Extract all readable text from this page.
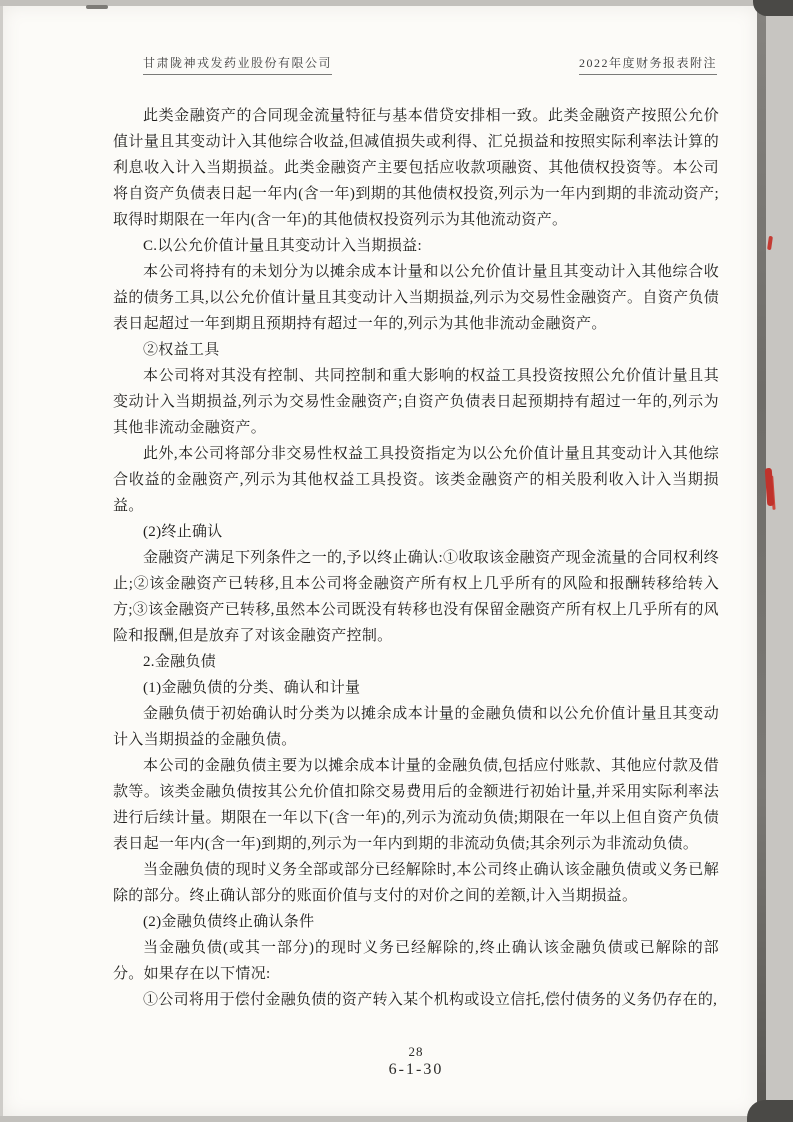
甘肃陇神戎发药业股份有限公司	2022年度财务报表附注

此类金融资产的合同现金流量特征与基本借贷安排相一致。此类金融资产按照公允价值计量且其变动计入其他综合收益,但减值损失或利得、汇兑损益和按照实际利率法计算的利息收入计入当期损益。此类金融资产主要包括应收款项融资、其他债权投资等。本公司将自资产负债表日起一年内(含一年)到期的其他债权投资,列示为一年内到期的非流动资产;取得时期限在一年内(含一年)的其他债权投资列示为其他流动资产。

C.以公允价值计量且其变动计入当期损益:

本公司将持有的未划分为以摊余成本计量和以公允价值计量且其变动计入其他综合收益的债务工具,以公允价值计量且其变动计入当期损益,列示为交易性金融资产。自资产负债表日起超过一年到期且预期持有超过一年的,列示为其他非流动金融资产。

②权益工具

本公司将对其没有控制、共同控制和重大影响的权益工具投资按照公允价值计量且其变动计入当期损益,列示为交易性金融资产;自资产负债表日起预期持有超过一年的,列示为其他非流动金融资产。

此外,本公司将部分非交易性权益工具投资指定为以公允价值计量且其变动计入其他综合收益的金融资产,列示为其他权益工具投资。该类金融资产的相关股利收入计入当期损益。

(2)终止确认

金融资产满足下列条件之一的,予以终止确认:①收取该金融资产现金流量的合同权利终止;②该金融资产已转移,且本公司将金融资产所有权上几乎所有的风险和报酬转移给转入方;③该金融资产已转移,虽然本公司既没有转移也没有保留金融资产所有权上几乎所有的风险和报酬,但是放弃了对该金融资产控制。

2.金融负债

(1)金融负债的分类、确认和计量

金融负债于初始确认时分类为以摊余成本计量的金融负债和以公允价值计量且其变动计入当期损益的金融负债。

本公司的金融负债主要为以摊余成本计量的金融负债,包括应付账款、其他应付款及借款等。该类金融负债按其公允价值扣除交易费用后的金额进行初始计量,并采用实际利率法进行后续计量。期限在一年以下(含一年)的,列示为流动负债;期限在一年以上但自资产负债表日起一年内(含一年)到期的,列示为一年内到期的非流动负债;其余列示为非流动负债。

当金融负债的现时义务全部或部分已经解除时,本公司终止确认该金融负债或义务已解除的部分。终止确认部分的账面价值与支付的对价之间的差额,计入当期损益。

(2)金融负债终止确认条件

当金融负债(或其一部分)的现时义务已经解除的,终止确认该金融负债或已解除的部分。如果存在以下情况:

①公司将用于偿付金融负债的资产转入某个机构或设立信托,偿付债务的义务仍存在的,

28
6-1-30
